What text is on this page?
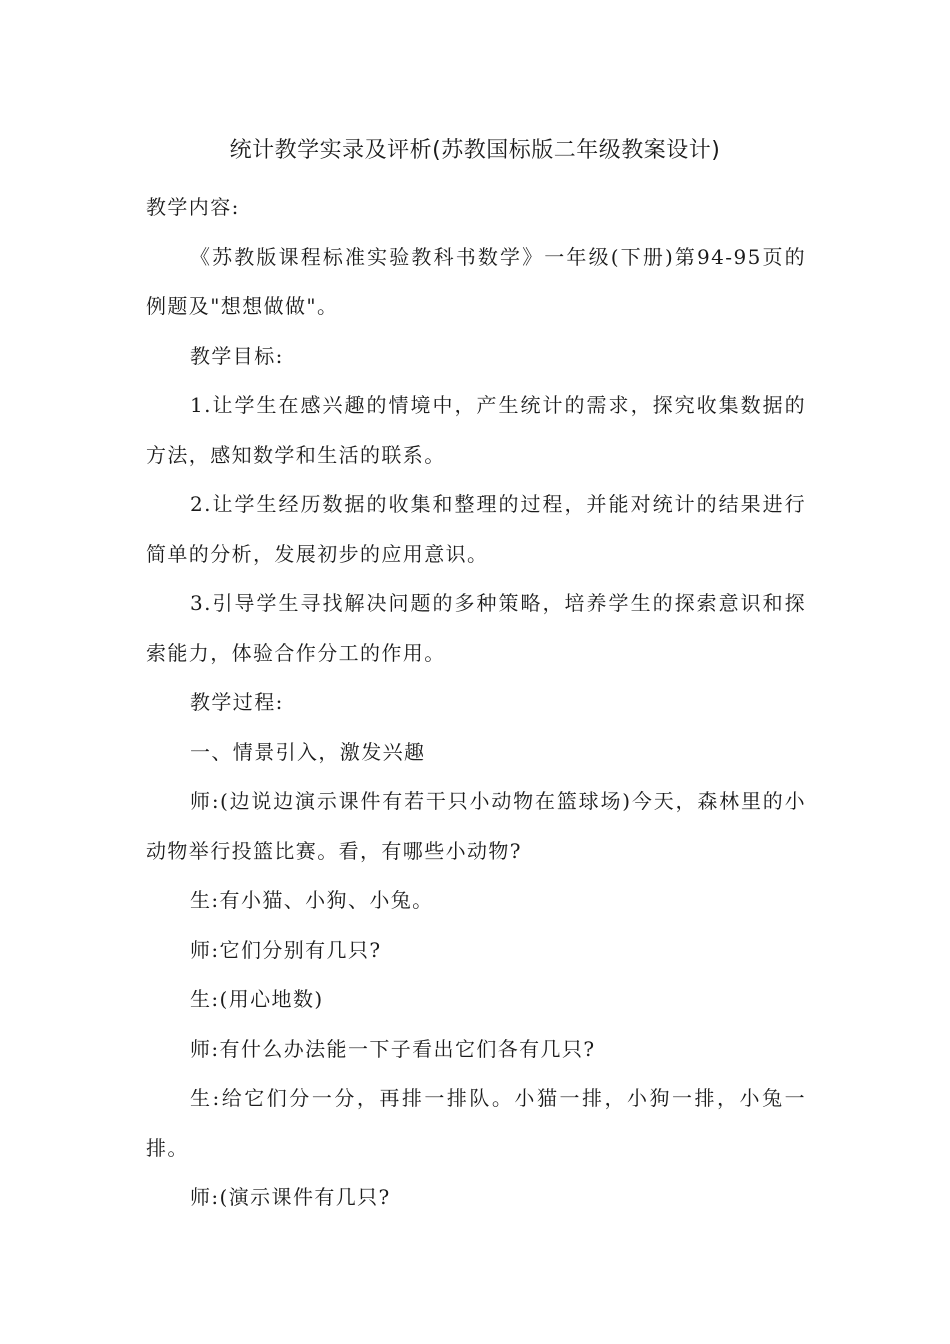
统计教学实录及评析(苏教国标版二年级教案设计)

教学内容:

《苏教版课程标准实验教科书数学》一年级(下册)第94-95页的例题及"想想做做"。

教学目标:

1.让学生在感兴趣的情境中，产生统计的需求，探究收集数据的方法，感知数学和生活的联系。

2.让学生经历数据的收集和整理的过程，并能对统计的结果进行简单的分析，发展初步的应用意识。

3.引导学生寻找解决问题的多种策略，培养学生的探索意识和探索能力，体验合作分工的作用。

教学过程:

一、情景引入，激发兴趣

师:(边说边演示课件有若干只小动物在篮球场)今天，森林里的小动物举行投篮比赛。看，有哪些小动物?

生:有小猫、小狗、小兔。

师:它们分别有几只?

生:(用心地数)

师:有什么办法能一下子看出它们各有几只?

生:给它们分一分，再排一排队。小猫一排，小狗一排，小兔一排。

师:(演示课件有几只?
